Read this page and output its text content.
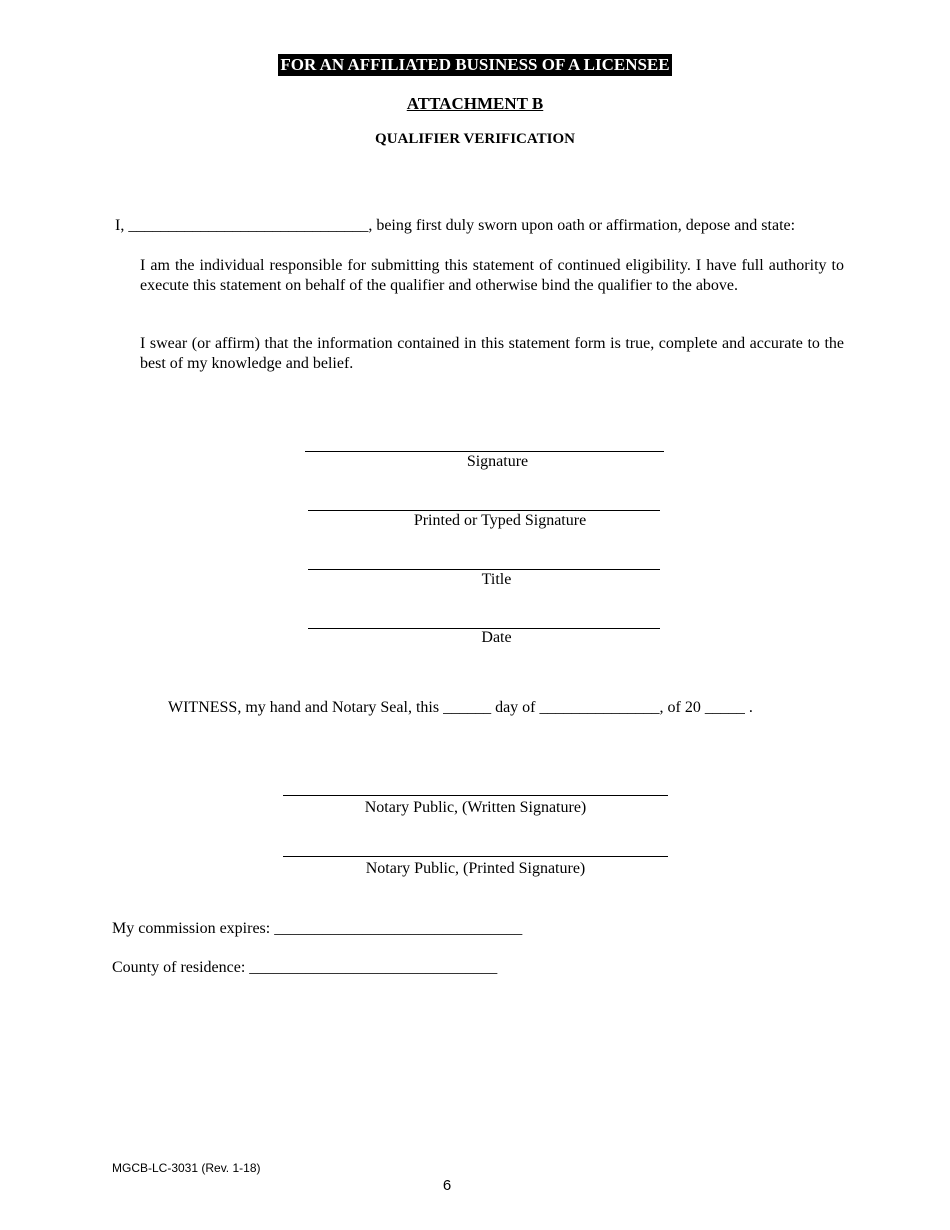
FOR AN AFFILIATED BUSINESS OF A LICENSEE
ATTACHMENT B
QUALIFIER VERIFICATION
I, ______________________________, being first duly sworn upon oath or affirmation, depose and state:
I am the individual responsible for submitting this statement of continued eligibility. I have full authority to execute this statement on behalf of the qualifier and otherwise bind the qualifier to the above.
I swear (or affirm) that the information contained in this statement form is true, complete and accurate to the best of my knowledge and belief.
Signature
Printed or Typed Signature
Title
Date
WITNESS, my hand and Notary Seal, this ______ day of _______________, of 20 _____ .
Notary Public, (Written Signature)
Notary Public, (Printed Signature)
My commission expires: _______________________________
County of residence: _______________________________
MGCB-LC-3031 (Rev. 1-18)
6
